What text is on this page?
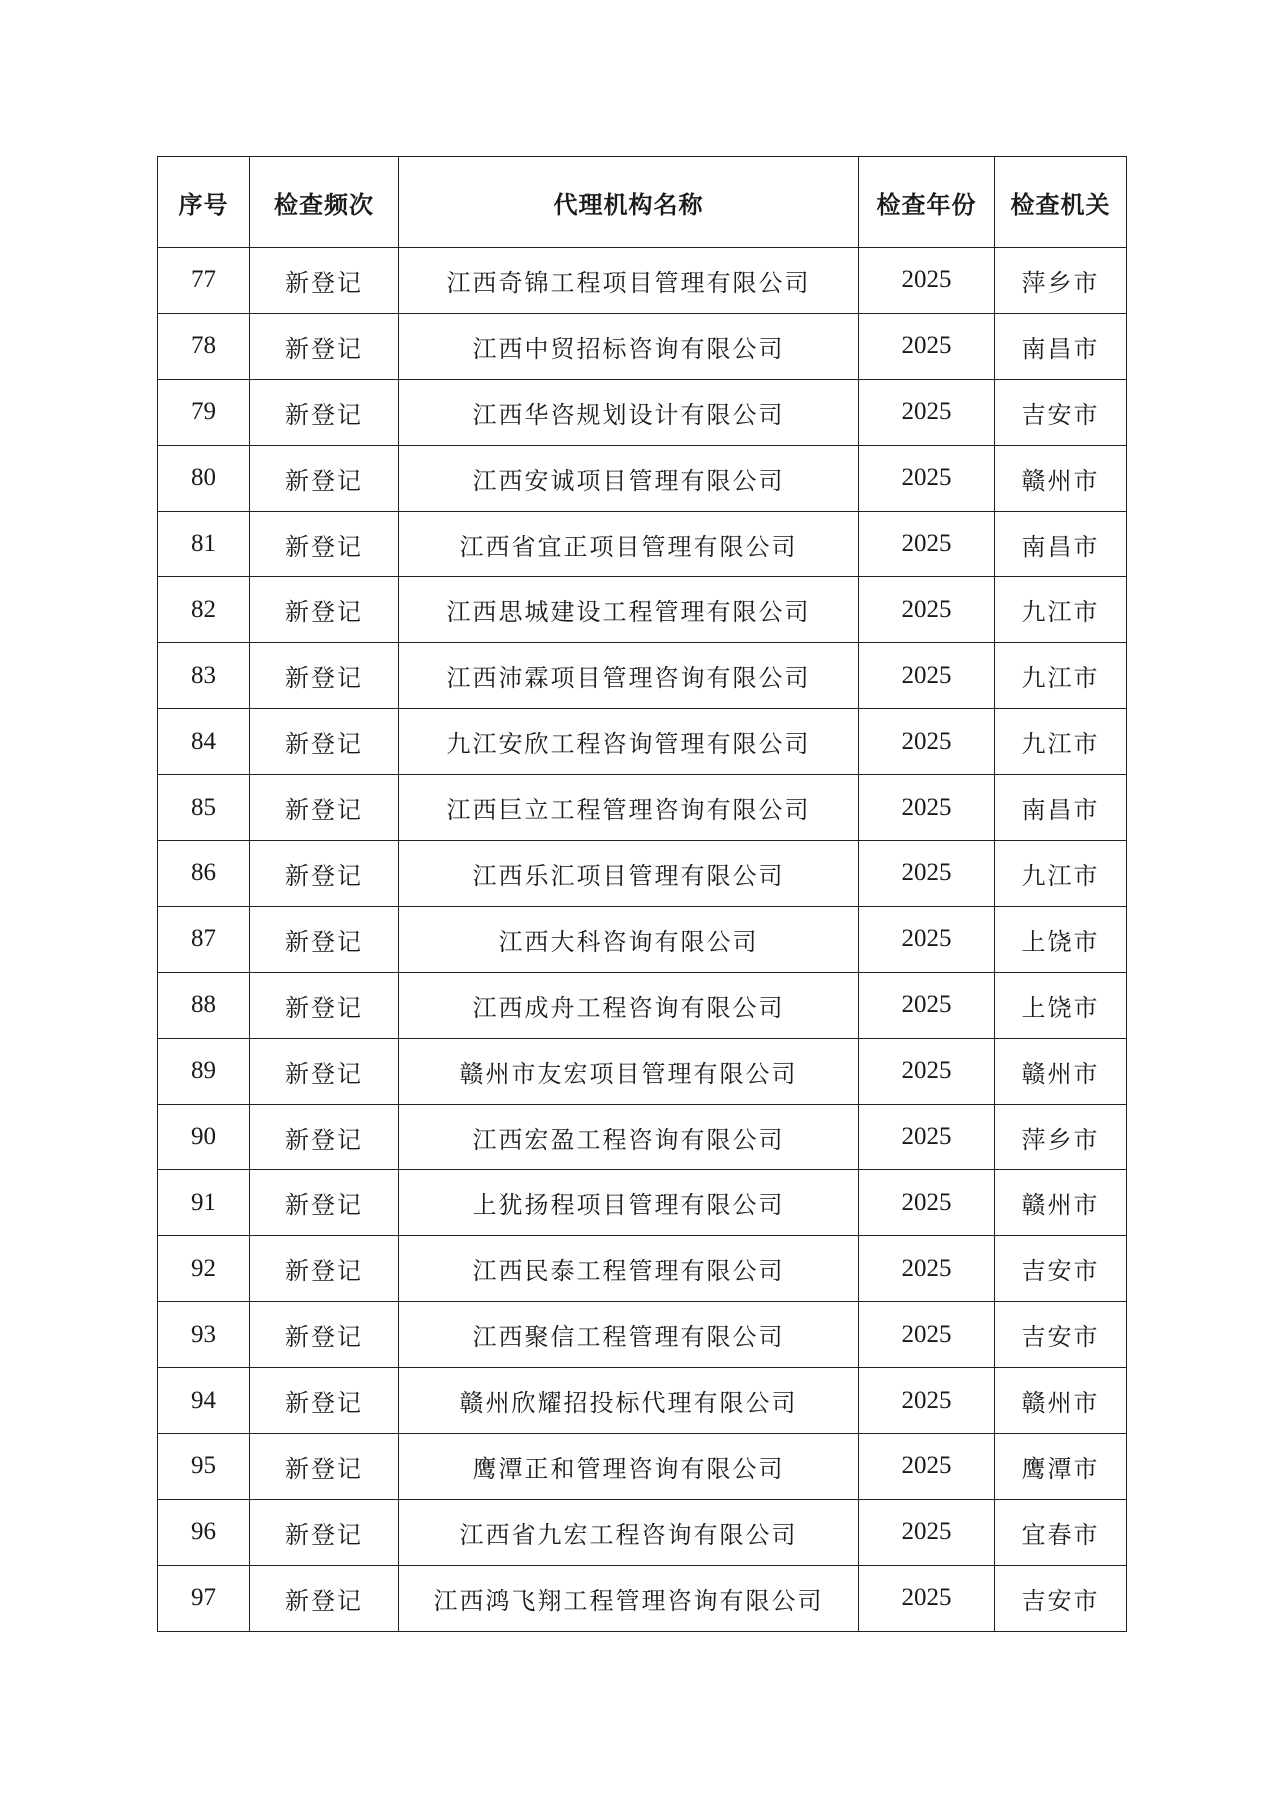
序号	检查频次	代理机构名称	检查年份	检查机关
77	新登记	江西奇锦工程项目管理有限公司	2025	萍乡市
78	新登记	江西中贸招标咨询有限公司	2025	南昌市
79	新登记	江西华咨规划设计有限公司	2025	吉安市
80	新登记	江西安诚项目管理有限公司	2025	赣州市
81	新登记	江西省宜正项目管理有限公司	2025	南昌市
82	新登记	江西思城建设工程管理有限公司	2025	九江市
83	新登记	江西沛霖项目管理咨询有限公司	2025	九江市
84	新登记	九江安欣工程咨询管理有限公司	2025	九江市
85	新登记	江西巨立工程管理咨询有限公司	2025	南昌市
86	新登记	江西乐汇项目管理有限公司	2025	九江市
87	新登记	江西大科咨询有限公司	2025	上饶市
88	新登记	江西成舟工程咨询有限公司	2025	上饶市
89	新登记	赣州市友宏项目管理有限公司	2025	赣州市
90	新登记	江西宏盈工程咨询有限公司	2025	萍乡市
91	新登记	上犹扬程项目管理有限公司	2025	赣州市
92	新登记	江西民泰工程管理有限公司	2025	吉安市
93	新登记	江西聚信工程管理有限公司	2025	吉安市
94	新登记	赣州欣耀招投标代理有限公司	2025	赣州市
95	新登记	鹰潭正和管理咨询有限公司	2025	鹰潭市
96	新登记	江西省九宏工程咨询有限公司	2025	宜春市
97	新登记	江西鸿飞翔工程管理咨询有限公司	2025	吉安市
